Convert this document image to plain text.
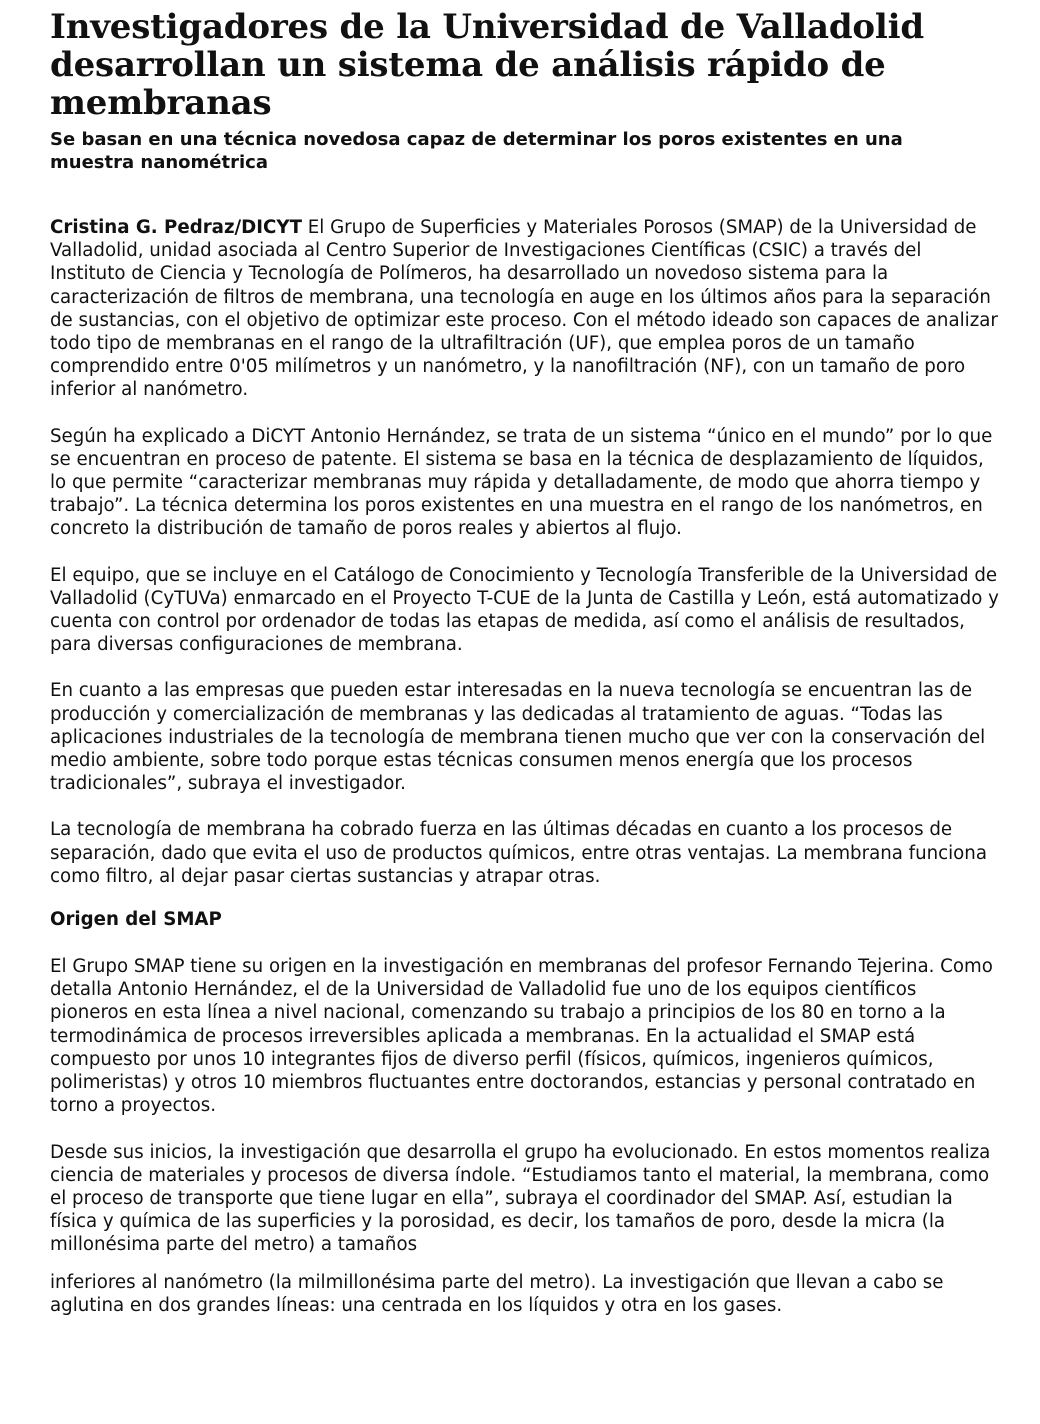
Investigadores de la Universidad de Valladolid desarrollan un sistema de análisis rápido de membranas
Se basan en una técnica novedosa capaz de determinar los poros existentes en una muestra nanométrica

Cristina G. Pedraz/DICYT El Grupo de Superficies y Materiales Porosos (SMAP) de la Universidad de Valladolid, unidad asociada al Centro Superior de Investigaciones Científicas (CSIC) a través del Instituto de Ciencia y Tecnología de Polímeros, ha desarrollado un novedoso sistema para la caracterización de filtros de membrana, una tecnología en auge en los últimos años para la separación de sustancias, con el objetivo de optimizar este proceso. Con el método ideado son capaces de analizar todo tipo de membranas en el rango de la ultrafiltración (UF), que emplea poros de un tamaño comprendido entre 0'05 milímetros y un nanómetro, y la nanofiltración (NF), con un tamaño de poro inferior al nanómetro.

Según ha explicado a DiCYT Antonio Hernández, se trata de un sistema “único en el mundo” por lo que se encuentran en proceso de patente. El sistema se basa en la técnica de desplazamiento de líquidos, lo que permite “caracterizar membranas muy rápida y detalladamente, de modo que ahorra tiempo y trabajo”. La técnica determina los poros existentes en una muestra en el rango de los nanómetros, en concreto la distribución de tamaño de poros reales y abiertos al flujo.

El equipo, que se incluye en el Catálogo de Conocimiento y Tecnología Transferible de la Universidad de Valladolid (CyTUVa) enmarcado en el Proyecto T-CUE de la Junta de Castilla y León, está automatizado y cuenta con control por ordenador de todas las etapas de medida, así como el análisis de resultados, para diversas configuraciones de membrana.

En cuanto a las empresas que pueden estar interesadas en la nueva tecnología se encuentran las de producción y comercialización de membranas y las dedicadas al tratamiento de aguas. “Todas las aplicaciones industriales de la tecnología de membrana tienen mucho que ver con la conservación del medio ambiente, sobre todo porque estas técnicas consumen menos energía que los procesos tradicionales”, subraya el investigador.

La tecnología de membrana ha cobrado fuerza en las últimas décadas en cuanto a los procesos de separación, dado que evita el uso de productos químicos, entre otras ventajas. La membrana funciona como filtro, al dejar pasar ciertas sustancias y atrapar otras.

Origen del SMAP

El Grupo SMAP tiene su origen en la investigación en membranas del profesor Fernando Tejerina. Como detalla Antonio Hernández, el de la Universidad de Valladolid fue uno de los equipos científicos pioneros en esta línea a nivel nacional, comenzando su trabajo a principios de los 80 en torno a la termodinámica de procesos irreversibles aplicada a membranas. En la actualidad el SMAP está compuesto por unos 10 integrantes fijos de diverso perfil (físicos, químicos, ingenieros químicos, polimeristas) y otros 10 miembros fluctuantes entre doctorandos, estancias y personal contratado en torno a proyectos.

Desde sus inicios, la investigación que desarrolla el grupo ha evolucionado. En estos momentos realiza ciencia de materiales y procesos de diversa índole. “Estudiamos tanto el material, la membrana, como el proceso de transporte que tiene lugar en ella”, subraya el coordinador del SMAP. Así, estudian la física y química de las superficies y la porosidad, es decir, los tamaños de poro, desde la micra (la millonésima parte del metro) a tamaños

inferiores al nanómetro (la milmillonésima parte del metro). La investigación que llevan a cabo se aglutina en dos grandes líneas: una centrada en los líquidos y otra en los gases.
